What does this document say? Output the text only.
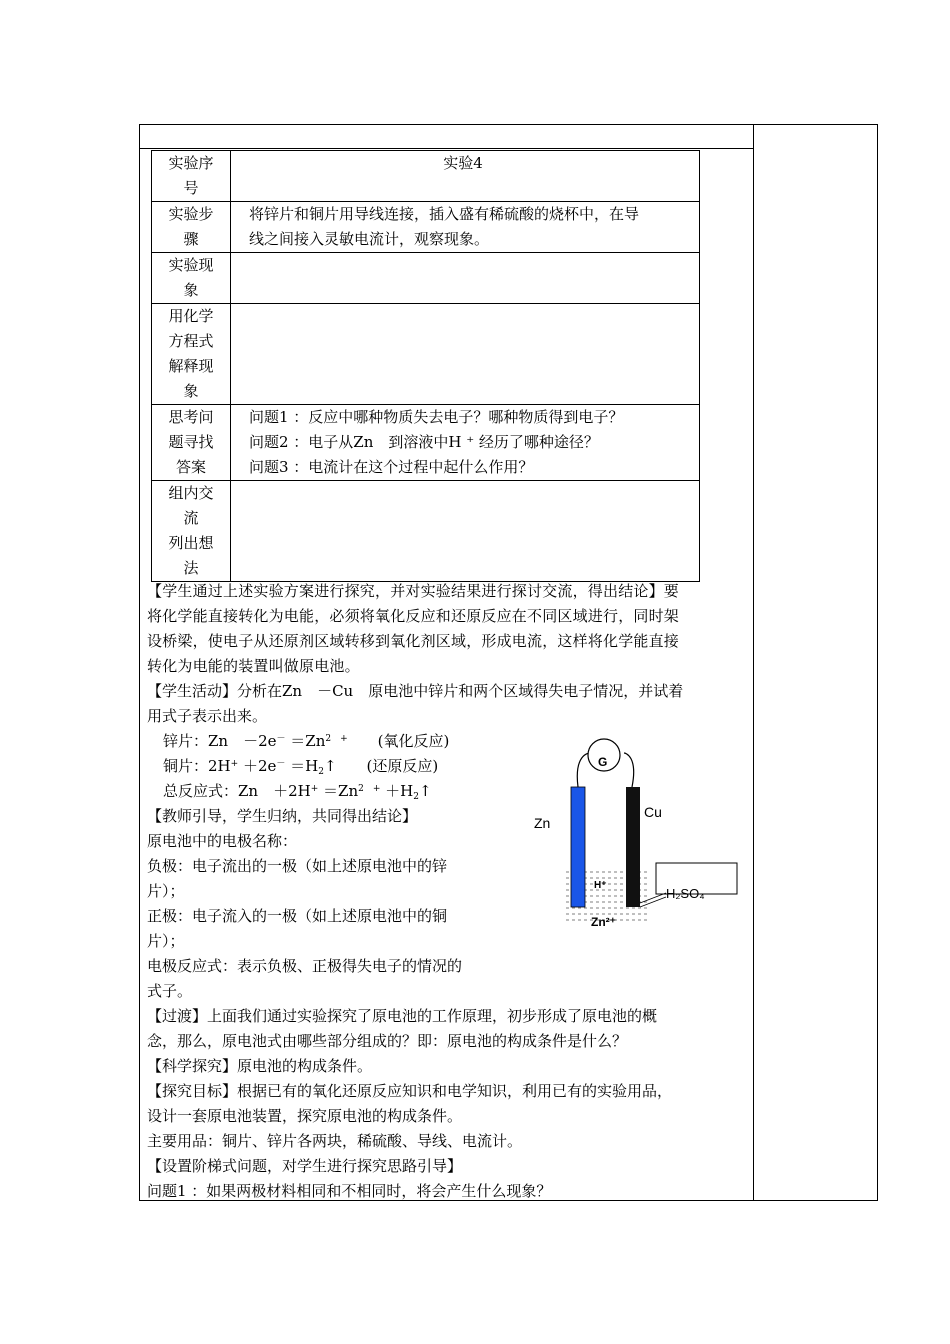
实验序
号	实验4

实验步
骤	将锌片和铜片用导线连接，插入盛有稀硫酸的烧杯中，在导
线之间接入灵敏电流计，观察现象。

实验现
象	

用化学
方程式
解释现
象	

思考问
题寻找
答案	问题1 ：反应中哪种物质失去电子？哪种物质得到电子？
问题2 ：电子从Zn　到溶液中H ⁺ 经历了哪种途径？
问题3 ：电流计在这个过程中起什么作用？

组内交
流
列出想
法	

【学生通过上述实验方案进行探究，并对实验结果进行探讨交流，得出结论】要
将化学能直接转化为电能，必须将氧化反应和还原反应在不同区域进行，同时架
设桥梁，使电子从还原剂区域转移到氧化剂区域，形成电流，这样将化学能直接
转化为电能的装置叫做原电池。
【学生活动】分析在Zn　－Cu　原电池中锌片和两个区域得失电子情况，并试着
用式子表示出来。
锌片：Zn　$-2e^- =Zn^{2 +}$　　(氧化反应)
铜片：$2H^+ +2e^- =H_2↑$　　(还原反应)
总反应式：Zn　$+2H^+ =Zn^{2 +}$ $+H_2↑$
【教师引导，学生归纳，共同得出结论】
原电池中的电极名称：
负极：电子流出的一极（如上述原电池中的锌
片）；
正极：电子流入的一极（如上述原电池中的铜
片）；
电极反应式：表示负极、正极得失电子的情况的
式子。
【过渡】上面我们通过实验探究了原电池的工作原理，初步形成了原电池的概
念，那么，原电池式由哪些部分组成的？即：原电池的构成条件是什么？
【科学探究】原电池的构成条件。
【探究目标】根据已有的氧化还原反应知识和电学知识，利用已有的实验用品，
设计一套原电池装置，探究原电池的构成条件。
主要用品：铜片、锌片各两块，稀硫酸、导线、电流计。
【设置阶梯式问题，对学生进行探究思路引导】
问题1 ：如果两极材料相同和不相同时，将会产生什么现象？
G
Zn
Cu
H⁺
Zn²⁺
H₂SO₄
